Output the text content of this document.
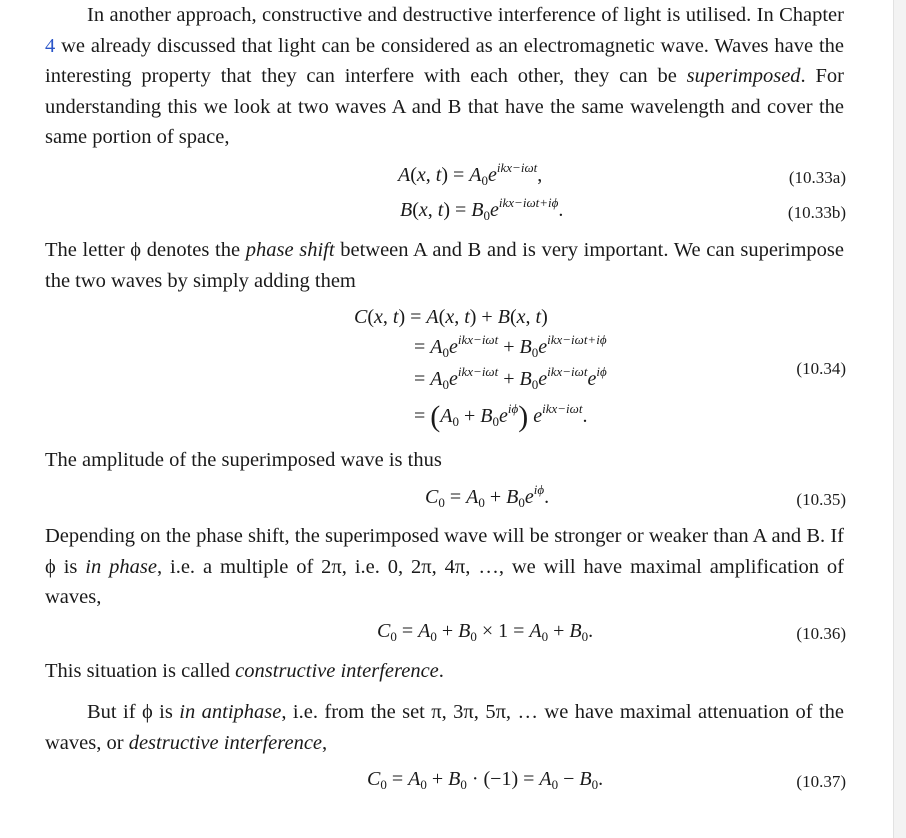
In another approach, constructive and destructive interference of light is utilised. In Chapter 4 we already discussed that light can be considered as an electromagnetic wave. Waves have the interesting property that they can interfere with each other, they can be superimposed. For understanding this we look at two waves A and B that have the same wavelength and cover the same portion of space,

A(x, $t) = A_0e^{ikx-i\omega t}$,	(10.33a)
B(x, $t) = B_0e^{ikx-i\omega t+i\phi}$.	(10.33b)

The letter ϕ denotes the phase shift between A and B and is very important. We can superimpose the two waves by simply adding them

C(x, t) = A(x, t) + B(x, t)
= $A_0e^{ikx-i\omega t} + B_0e^{ikx-i\omega t+i\phi}$
= $A_0e^{ikx-i\omega t} + B_0e^{ikx-i\omega t}e^{i\phi}$
= $(A_0 + B_0e^{i\phi})$ $e^{ikx-i\omega t}$.
(10.34)

The amplitude of the superimposed wave is thus

$C_0 = A_0 + B_0e^{i\phi}$.	(10.35)

Depending on the phase shift, the superimposed wave will be stronger or weaker than A and B. If ϕ is in phase, i.e. a multiple of 2π, i.e. 0, 2π, 4π, …, we will have maximal amplification of waves,

$C_0 = A_0 + B_0 \times 1 = A_0 + B_0$.	(10.36)

This situation is called constructive interference.

But if ϕ is in antiphase, i.e. from the set π, 3π, 5π, … we have maximal attenuation of the waves, or destructive interference,

$C_0 = A_0 + B_0 \cdot (-1) = A_0 - B_0$.	(10.37)
